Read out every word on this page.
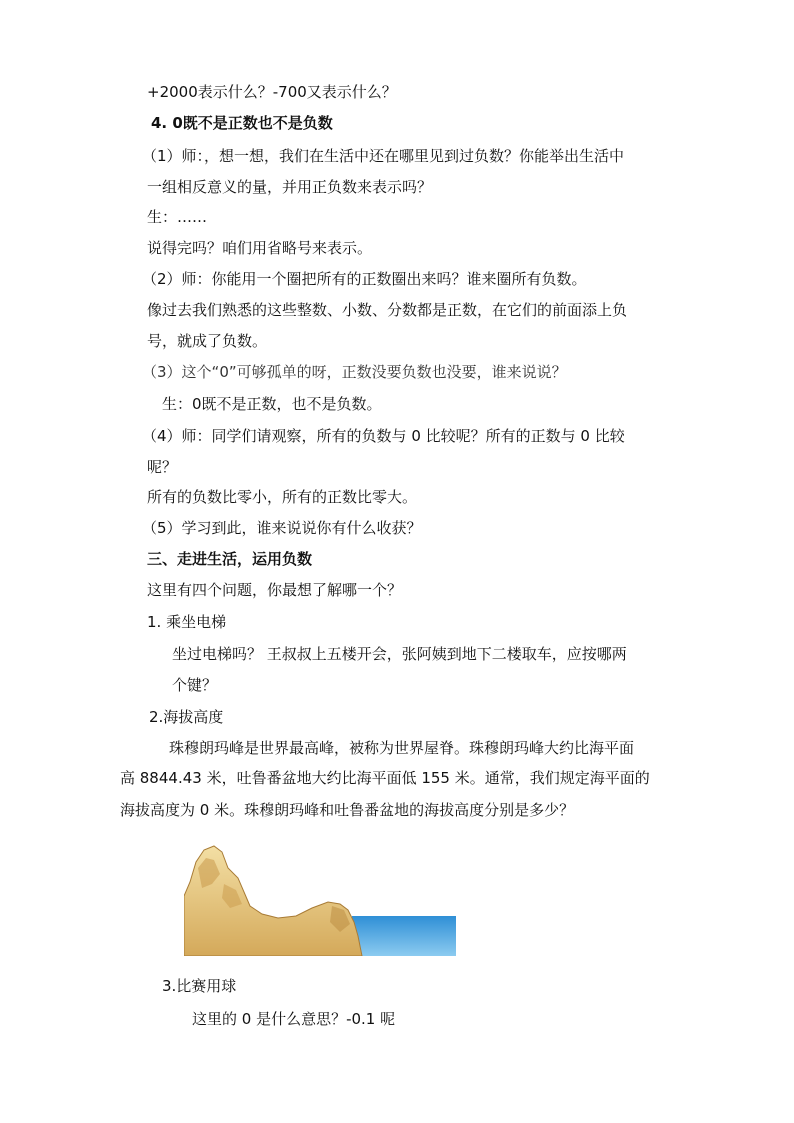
+2000表示什么？-700又表示什么？
4. 0既不是正数也不是负数
（1）师：，想一想，我们在生活中还在哪里见到过负数？你能举出生活中
一组相反意义的量，并用正负数来表示吗？
生：……
说得完吗？咱们用省略号来表示。
（2）师：你能用一个圈把所有的正数圈出来吗？谁来圈所有负数。
像过去我们熟悉的这些整数、小数、分数都是正数，在它们的前面添上负
号，就成了负数。
（3）这个“0”可够孤单的呀，正数没要负数也没要，谁来说说？
生：0既不是正数，也不是负数。
（4）师：同学们请观察，所有的负数与 0 比较呢？所有的正数与 0 比较
呢？
所有的负数比零小，所有的正数比零大。
（5）学习到此，谁来说说你有什么收获？
三、走进生活，运用负数
这里有四个问题，你最想了解哪一个？
1. 乘坐电梯
坐过电梯吗？ 王叔叔上五楼开会，张阿姨到地下二楼取车，应按哪两
个键？
2.海拔高度
珠穆朗玛峰是世界最高峰，被称为世界屋脊。珠穆朗玛峰大约比海平面
高 8844.43 米，吐鲁番盆地大约比海平面低 155 米。通常，我们规定海平面的
海拔高度为 0 米。珠穆朗玛峰和吐鲁番盆地的海拔高度分别是多少？
3.比赛用球
这里的 0 是什么意思？-0.1 呢
